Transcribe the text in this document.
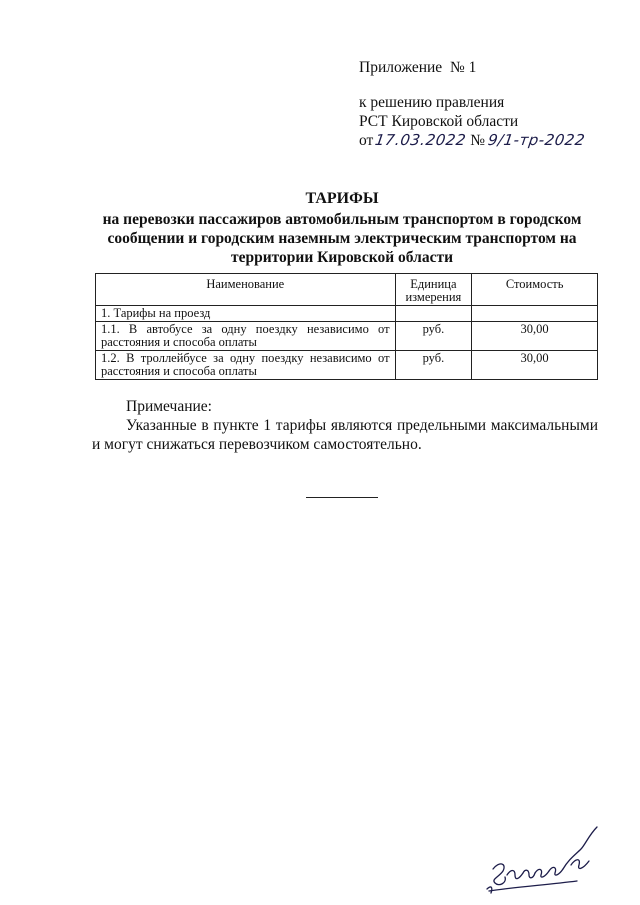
Приложение № 1
к решению правления
РСТ Кировской области
от 17.03.2022 № 9/1-тр-2022
ТАРИФЫ
на перевозки пассажиров автомобильным транспортом в городском
сообщении и городским наземным электрическим транспортом на
территории Кировской области
Наименование	Единица измерения	Стоимость
1. Тарифы на проезд		
1.1. В автобусе за одну поездку независимо от расстояния и способа оплаты	руб.	30,00
1.2. В троллейбусе за одну поездку независимо от расстояния и способа оплаты	руб.	30,00
Примечание:
Указанные в пункте 1 тарифы являются предельными максимальными и могут снижаться перевозчиком самостоятельно.
